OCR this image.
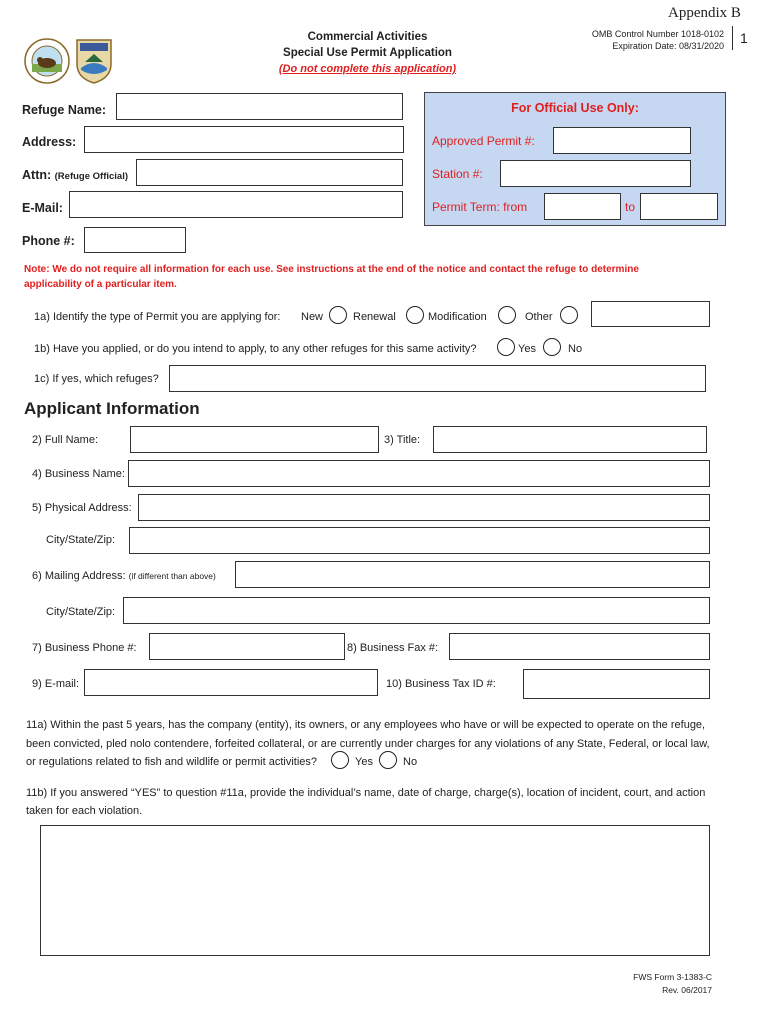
Appendix B
1
Commercial Activities
Special Use Permit Application
(Do not complete this application)
OMB Control Number 1018-0102
Expiration Date: 08/31/2020
Refuge Name:
Address:
Attn: (Refuge Official)
E-Mail:
Phone #:
For Official Use Only:
Approved Permit #:
Station #:
Permit Term: from	to
Note: We do not require all information for each use. See instructions at the end of the notice and contact the refuge to determine
applicability of a particular item.
1a) Identify the type of Permit you are applying for: New	Renewal	Modification	Other
1b) Have you applied, or do you intend to apply, to any other refuges for this same activity?	Yes	No
1c) If yes, which refuges?
Applicant Information
2) Full Name:	3) Title:
4) Business Name:
5) Physical Address:
City/State/Zip:
6) Mailing Address: (if different than above)
City/State/Zip:
7) Business Phone #:	8) Business Fax #:
9) E-mail:	10) Business Tax ID #:
11a) Within the past 5 years, has the company (entity), its owners, or any employees who have or will be expected to operate on the refuge,
been convicted, pled nolo contendere, forfeited collateral, or are currently under charges for any violations of any State, Federal, or local law,
or regulations related to fish and wildlife or permit activities?	Yes	No
11b) If you answered “YES” to question #11a, provide the individual’s name, date of charge, charge(s), location of incident, court, and action
taken for each violation.
FWS Form 3-1383-C
Rev. 06/2017
